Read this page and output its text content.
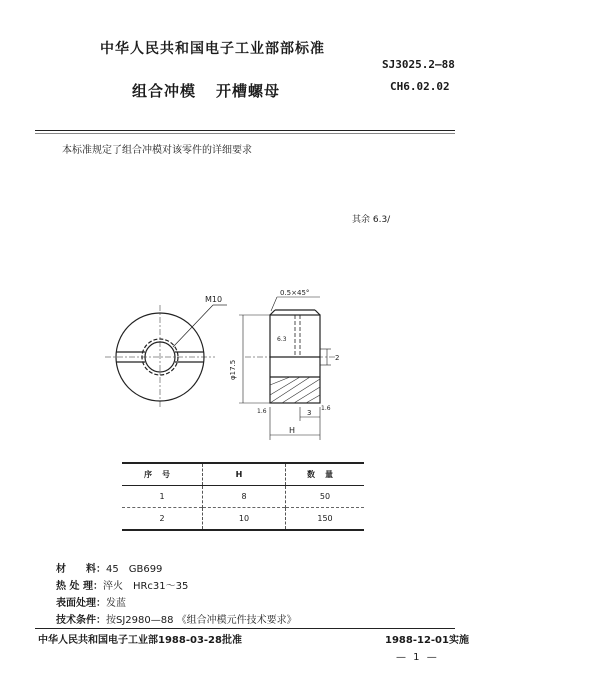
中华人民共和国电子工业部部标准
SJ3025.2—88
组合冲模 开槽螺母	CH6.02.02
本标准规定了组合冲模对该零件的详细要求
其余 6.3/
M10
0.5×45°
φ17.5
2
3
H
1.6	1.6
6.3
序号	H	数量
1	8	50
2	10	150
材　　料：45　GB699
热 处 理：淬火　HRc31～35
表面处理：发蓝
技术条件：按SJ2980—88 《组合冲模元件技术要求》
中华人民共和国电子工业部1988-03-28批准	1988-12-01实施
— 1 —
